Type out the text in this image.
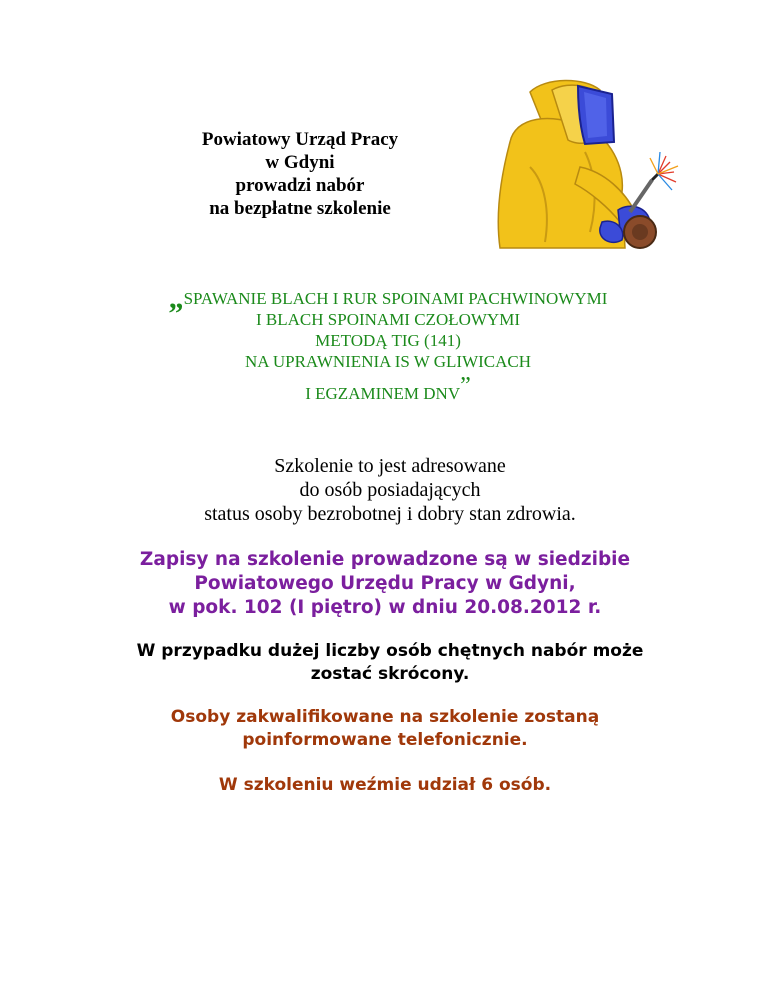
Powiatowy Urząd Pracy
w Gdyni
prowadzi nabór
na bezpłatne szkolenie
„SPAWANIE BLACH I RUR SPOINAMI PACHWINOWYMI
I BLACH SPOINAMI CZOŁOWYMI
METODĄ TIG (141)
NA UPRAWNIENIA IS W GLIWICACH
I EGZAMINEM DNV”
Szkolenie to jest adresowane
do osób posiadających
status osoby bezrobotnej i dobry stan zdrowia.
Zapisy na szkolenie prowadzone są w siedzibie
Powiatowego Urzędu Pracy w Gdyni,
w pok. 102 (I piętro) w dniu 20.08.2012 r.
W przypadku dużej liczby osób chętnych nabór może
zostać skrócony.
Osoby zakwalifikowane na szkolenie zostaną
poinformowane telefonicznie.
W szkoleniu weźmie udział 6 osób.
